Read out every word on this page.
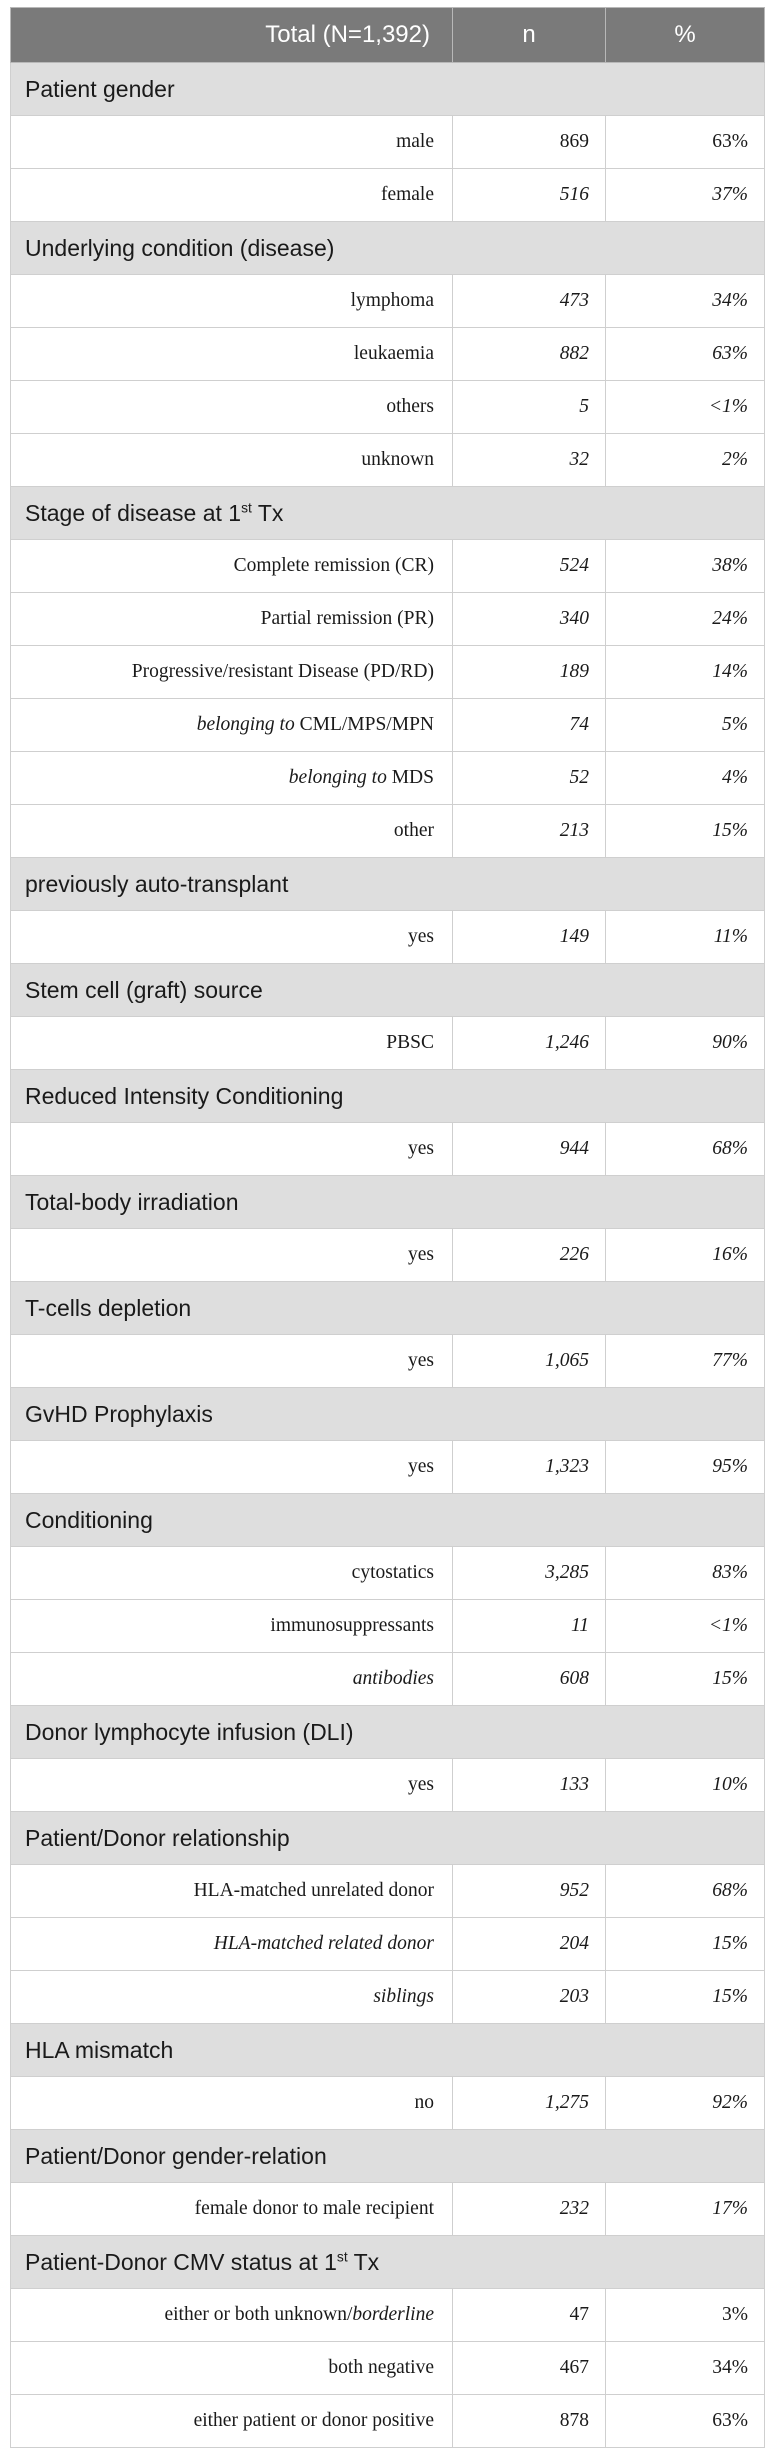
Total (N=1,392)	n	%
Patient gender		
male	869	63%
female	516	37%
Underlying condition (disease)		
lymphoma	473	34%
leukaemia	882	63%
others	5	<1%
unknown	32	2%
Stage of disease at 1st Tx		
Complete remission (CR)	524	38%
Partial remission (PR)	340	24%
Progressive/resistant Disease (PD/RD)	189	14%
belonging to CML/MPS/MPN	74	5%
belonging to MDS	52	4%
other	213	15%
previously auto-transplant		
yes	149	11%
Stem cell (graft) source		
PBSC	1,246	90%
Reduced Intensity Conditioning		
yes	944	68%
Total-body irradiation		
yes	226	16%
T-cells depletion		
yes	1,065	77%
GvHD Prophylaxis		
yes	1,323	95%
Conditioning		
cytostatics	3,285	83%
immunosuppressants	11	<1%
antibodies	608	15%
Donor lymphocyte infusion (DLI)		
yes	133	10%
Patient/Donor relationship		
HLA-matched unrelated donor	952	68%
HLA-matched related donor	204	15%
siblings	203	15%
HLA mismatch		
no	1,275	92%
Patient/Donor gender-relation		
female donor to male recipient	232	17%
Patient-Donor CMV status at 1st Tx		
either or both unknown/borderline	47	3%
both negative	467	34%
either patient or donor positive	878	63%
